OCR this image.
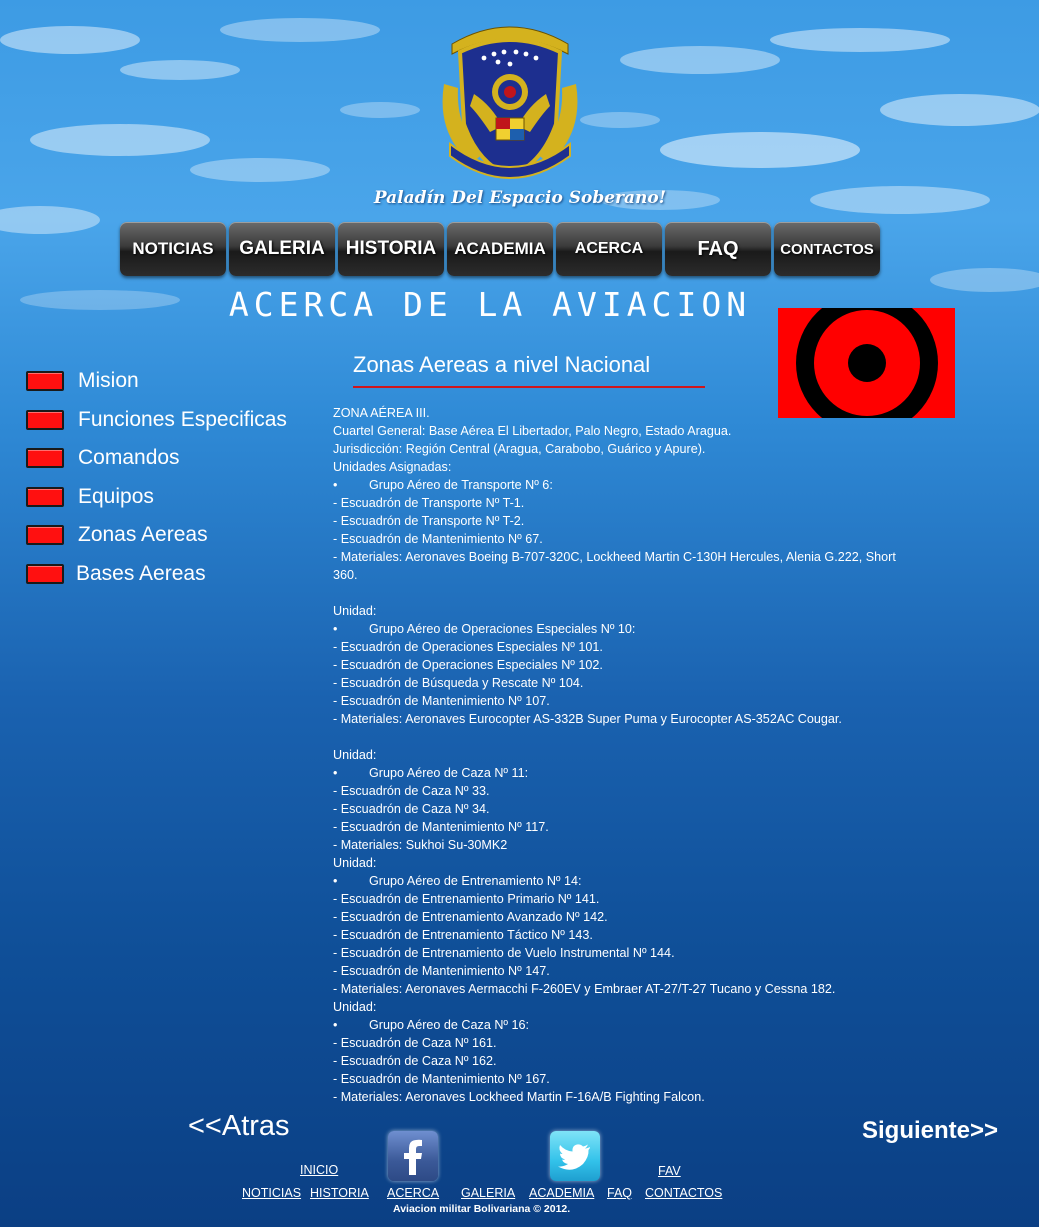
Paladín Del Espacio Soberano!
NOTICIAS	GALERIA	HISTORIA	ACADEMIA	ACERCA	FAQ	CONTACTOS
ACERCA DE LA AVIACION
Mision
Funciones Especificas
Comandos
Equipos
Zonas Aereas
Bases Aereas
Zonas Aereas a nivel Nacional
ZONA AÉREA III.
Cuartel General: Base Aérea El Libertador, Palo Negro, Estado Aragua.
Jurisdicción: Región Central (Aragua, Carabobo, Guárico y Apure).
Unidades Asignadas:
•	Grupo Aéreo de Transporte Nº 6:
- Escuadrón de Transporte Nº T-1.
- Escuadrón de Transporte Nº T-2.
- Escuadrón de Mantenimiento Nº 67.
- Materiales: Aeronaves Boeing B-707-320C, Lockheed Martin C-130H Hercules, Alenia G.222, Short
360.
Unidad:
•	Grupo Aéreo de Operaciones Especiales Nº 10:
- Escuadrón de Operaciones Especiales Nº 101.
- Escuadrón de Operaciones Especiales Nº 102.
- Escuadrón de Búsqueda y Rescate Nº 104.
- Escuadrón de Mantenimiento Nº 107.
- Materiales: Aeronaves Eurocopter AS-332B Super Puma y Eurocopter AS-352AC Cougar.
Unidad:
•	Grupo Aéreo de Caza Nº 11:
- Escuadrón de Caza Nº 33.
- Escuadrón de Caza Nº 34.
- Escuadrón de Mantenimiento Nº 117.
- Materiales: Sukhoi Su-30MK2
Unidad:
•	Grupo Aéreo de Entrenamiento Nº 14:
- Escuadrón de Entrenamiento Primario Nº 141.
- Escuadrón de Entrenamiento Avanzado Nº 142.
- Escuadrón de Entrenamiento Táctico Nº 143.
- Escuadrón de Entrenamiento de Vuelo Instrumental Nº 144.
- Escuadrón de Mantenimiento Nº 147.
- Materiales: Aeronaves Aermacchi F-260EV y Embraer AT-27/T-27 Tucano y Cessna 182.
Unidad:
•	Grupo Aéreo de Caza Nº 16:
- Escuadrón de Caza Nº 161.
- Escuadrón de Caza Nº 162.
- Escuadrón de Mantenimiento Nº 167.
- Materiales: Aeronaves Lockheed Martin F-16A/B Fighting Falcon.
<<Atras	Siguiente>>
INICIO	FAV
NOTICIAS HISTORIA ACERCA GALERIA ACADEMIA FAQ CONTACTOS
Aviacion militar Bolivariana © 2012.
